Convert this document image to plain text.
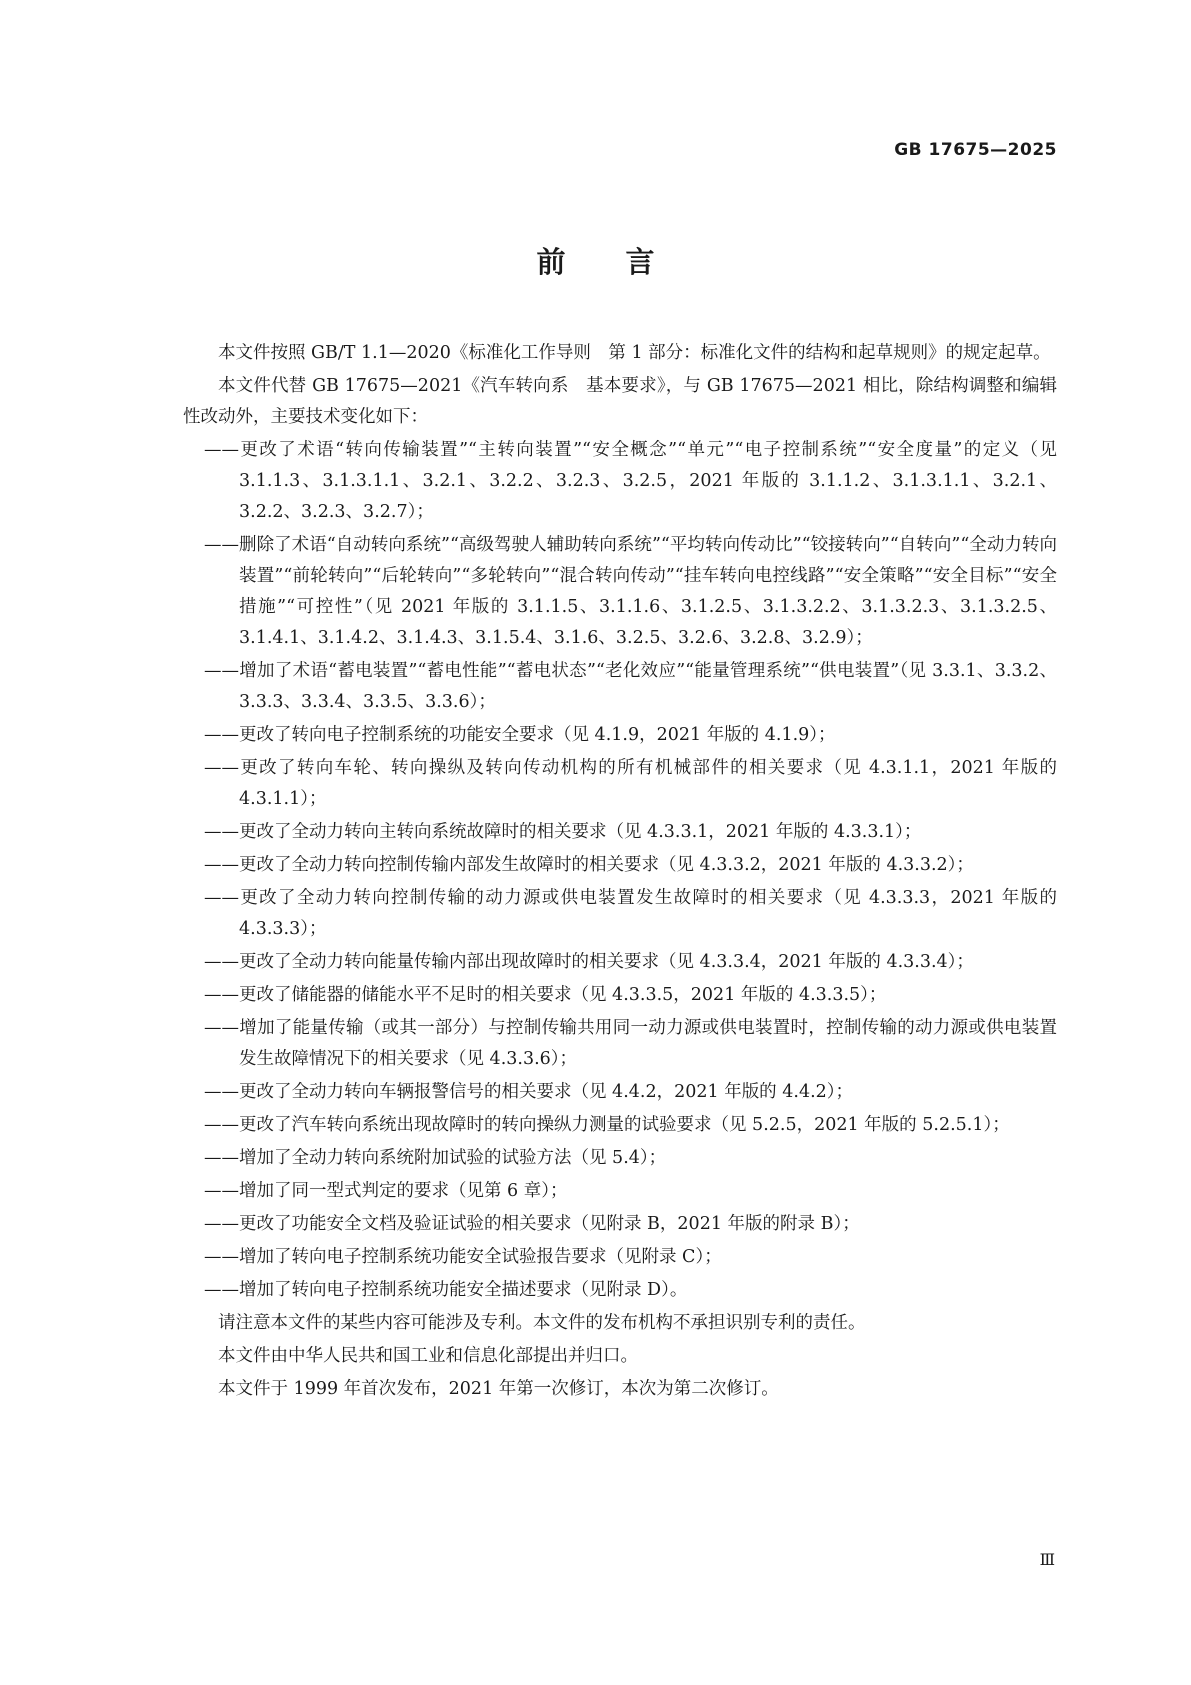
GB 17675—2025
前言

本文件按照 GB/T 1.1—2020《标准化工作导则　第 1 部分：标准化文件的结构和起草规则》的规定起草。

本文件代替 GB 17675—2021《汽车转向系　基本要求》，与 GB 17675—2021 相比，除结构调整和编辑性改动外，主要技术变化如下：

——更改了术语“转向传输装置”“主转向装置”“安全概念”“单元”“电子控制系统”“安全度量”的定义（见 3.1.1.3、3.1.3.1.1、3.2.1、3.2.2、3.2.3、3.2.5，2021 年版的 3.1.1.2、3.1.3.1.1、3.2.1、3.2.2、3.2.3、3.2.7）；
——删除了术语“自动转向系统”“高级驾驶人辅助转向系统”“平均转向传动比”“铰接转向”“自转向”“全动力转向装置”“前轮转向”“后轮转向”“多轮转向”“混合转向传动”“挂车转向电控线路”“安全策略”“安全目标”“安全措施”“可控性”（见 2021 年版的 3.1.1.5、3.1.1.6、3.1.2.5、3.1.3.2.2、3.1.3.2.3、3.1.3.2.5、3.1.4.1、3.1.4.2、3.1.4.3、3.1.5.4、3.1.6、3.2.5、3.2.6、3.2.8、3.2.9）；
——增加了术语“蓄电装置”“蓄电性能”“蓄电状态”“老化效应”“能量管理系统”“供电装置”（见 3.3.1、3.3.2、3.3.3、3.3.4、3.3.5、3.3.6）；
——更改了转向电子控制系统的功能安全要求（见 4.1.9，2021 年版的 4.1.9）；
——更改了转向车轮、转向操纵及转向传动机构的所有机械部件的相关要求（见 4.3.1.1，2021 年版的 4.3.1.1）；
——更改了全动力转向主转向系统故障时的相关要求（见 4.3.3.1，2021 年版的 4.3.3.1）；
——更改了全动力转向控制传输内部发生故障时的相关要求（见 4.3.3.2，2021 年版的 4.3.3.2）；
——更改了全动力转向控制传输的动力源或供电装置发生故障时的相关要求（见 4.3.3.3，2021 年版的 4.3.3.3）；
——更改了全动力转向能量传输内部出现故障时的相关要求（见 4.3.3.4，2021 年版的 4.3.3.4）；
——更改了储能器的储能水平不足时的相关要求（见 4.3.3.5，2021 年版的 4.3.3.5）；
——增加了能量传输（或其一部分）与控制传输共用同一动力源或供电装置时，控制传输的动力源或供电装置发生故障情况下的相关要求（见 4.3.3.6）；
——更改了全动力转向车辆报警信号的相关要求（见 4.4.2，2021 年版的 4.4.2）；
——更改了汽车转向系统出现故障时的转向操纵力测量的试验要求（见 5.2.5，2021 年版的 5.2.5.1）；
——增加了全动力转向系统附加试验的试验方法（见 5.4）；
——增加了同一型式判定的要求（见第 6 章）；
——更改了功能安全文档及验证试验的相关要求（见附录 B，2021 年版的附录 B）；
——增加了转向电子控制系统功能安全试验报告要求（见附录 C）；
——增加了转向电子控制系统功能安全描述要求（见附录 D）。

请注意本文件的某些内容可能涉及专利。本文件的发布机构不承担识别专利的责任。

本文件由中华人民共和国工业和信息化部提出并归口。

本文件于 1999 年首次发布，2021 年第一次修订，本次为第二次修订。

Ⅲ
